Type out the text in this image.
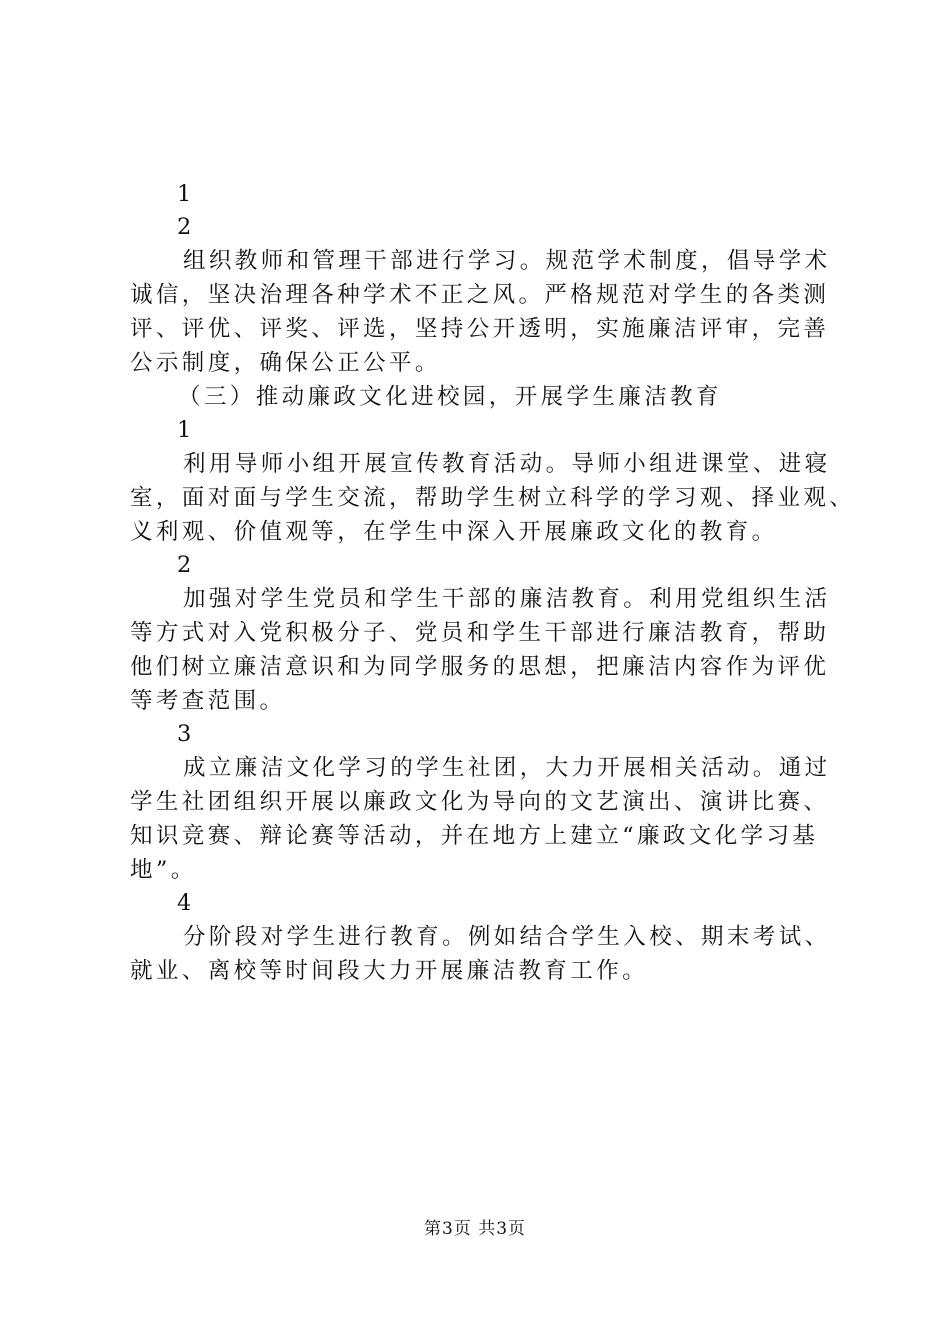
1
2
组织教师和管理干部进行学习。规范学术制度，倡导学术
诚信，坚决治理各种学术不正之风。严格规范对学生的各类测
评、评优、评奖、评选，坚持公开透明，实施廉洁评审，完善
公示制度，确保公正公平。
（三）推动廉政文化进校园，开展学生廉洁教育
1
利用导师小组开展宣传教育活动。导师小组进课堂、进寝
室，面对面与学生交流，帮助学生树立科学的学习观、择业观、
义利观、价值观等，在学生中深入开展廉政文化的教育。
2
加强对学生党员和学生干部的廉洁教育。利用党组织生活
等方式对入党积极分子、党员和学生干部进行廉洁教育，帮助
他们树立廉洁意识和为同学服务的思想，把廉洁内容作为评优
等考查范围。
3
成立廉洁文化学习的学生社团，大力开展相关活动。通过
学生社团组织开展以廉政文化为导向的文艺演出、演讲比赛、
知识竞赛、辩论赛等活动，并在地方上建立“廉政文化学习基
地”。
4
分阶段对学生进行教育。例如结合学生入校、期末考试、
就业、离校等时间段大力开展廉洁教育工作。
第3页 共3页
